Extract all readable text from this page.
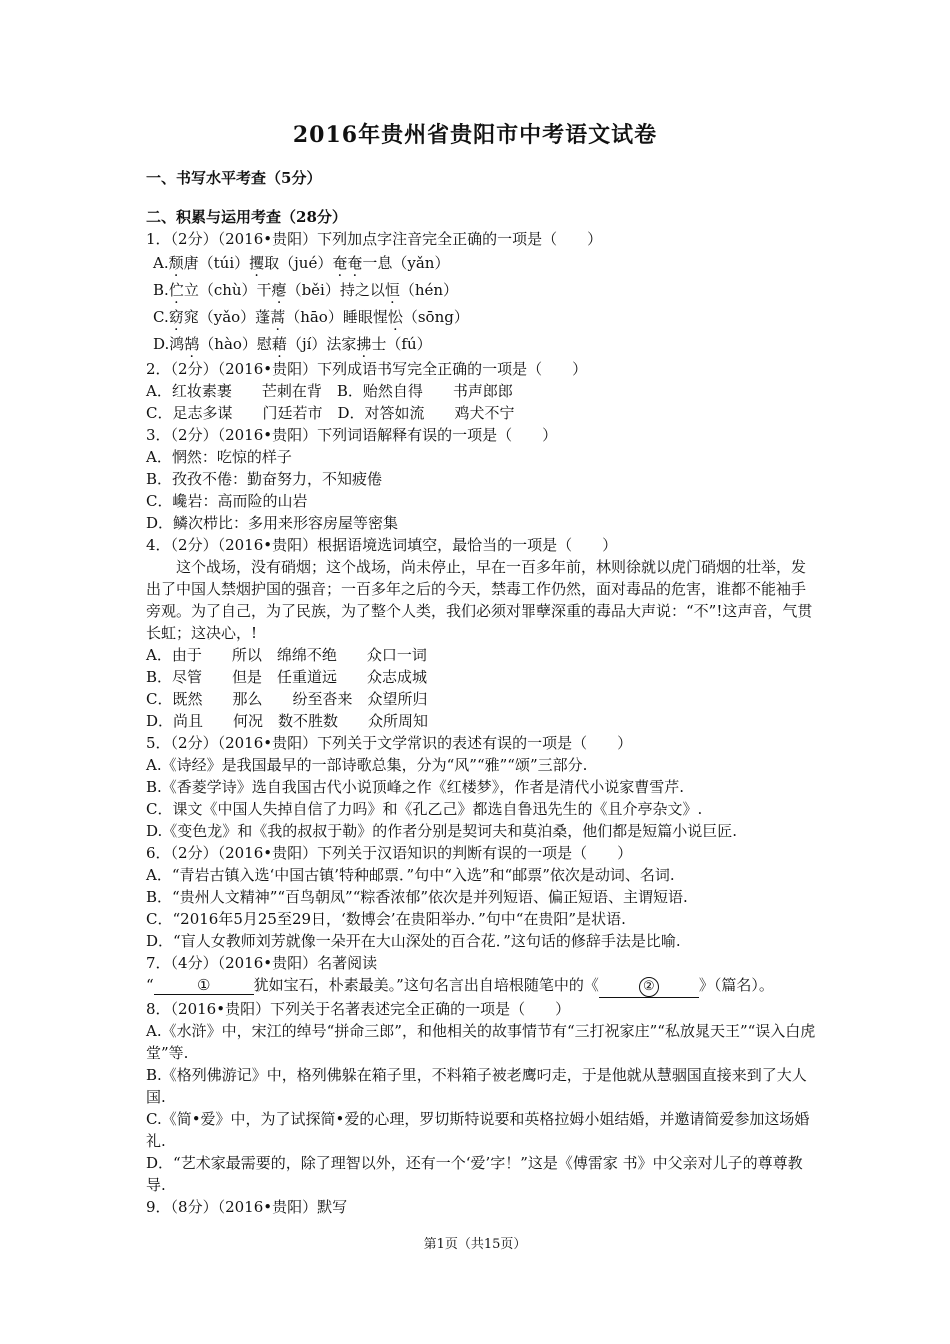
2016年贵州省贵阳市中考语文试卷
一、书写水平考查（5分）
二、积累与运用考查（28分）
1．（2分）（2016•贵阳）下列加点字注音完全正确的一项是（　　）
A.颓唐（túi）攫取（jué）奄奄一息（yǎn）
B.伫立（chù）干瘪（běi）持之以恒（hén）
C.窈窕（yǎo）蓬蒿（hāo）睡眼惺忪（sōng）
D.鸿鹄（hào）慰藉（jí）法家拂士（fú）
2．（2分）（2016•贵阳）下列成语书写完全正确的一项是（　　）
A．红妆素裹　　芒刺在背　B．贻然自得　　书声郎郎
C．足志多谋　　门廷若市　D．对答如流　　鸡犬不宁
3．（2分）（2016•贵阳）下列词语解释有误的一项是（　　）
A．惘然：吃惊的样子
B．孜孜不倦：勤奋努力，不知疲倦
C．巉岩：高而险的山岩
D．鳞次栉比：多用来形容房屋等密集
4．（2分）（2016•贵阳）根据语境选词填空，最恰当的一项是（　　）
这个战场，没有硝烟；这个战场，尚未停止，早在一百多年前，林则徐就以虎门硝烟的壮举，发出了中国人禁烟护国的强音；一百多年之后的今天，禁毒工作仍然，面对毒品的危害，谁都不能袖手旁观。为了自己，为了民族，为了整个人类，我们必须对罪孽深重的毒品大声说：“不”!这声音，气贯长虹；这决心，!
A．由于　　所以　绵绵不绝　　众口一词
B．尽管　　但是　任重道远　　众志成城
C．既然　　那么　　纷至沓来　众望所归
D．尚且　　何况　数不胜数　　众所周知
5．（2分）（2016•贵阳）下列关于文学常识的表述有误的一项是（　　）
A.《诗经》是我国最早的一部诗歌总集，分为“风”“雅”“颂”三部分.
B.《香菱学诗》选自我国古代小说顶峰之作《红楼梦》，作者是清代小说家曹雪芹.
C．课文《中国人失掉自信了力吗》和《孔乙己》都选自鲁迅先生的《且介亭杂文》.
D.《变色龙》和《我的叔叔于勒》的作者分别是契诃夫和莫泊桑，他们都是短篇小说巨匠.
6．（2分）（2016•贵阳）下列关于汉语知识的判断有误的一项是（　　）
A．“青岩古镇入选‘中国古镇’特种邮票．”句中“入选”和“邮票”依次是动词、名词.
B．“贵州人文精神”“百鸟朝凤”“粽香浓郁”依次是并列短语、偏正短语、主谓短语.
C．“2016年5月25至29日，‘数博会’在贵阳举办．”句中“在贵阳”是状语.
D．“盲人女教师刘芳就像一朵开在大山深处的百合花．”这句话的修辞手法是比喻.
7．（4分）（2016•贵阳）名著阅读
“	①	犹如宝石，朴素最美。”这句名言出自培根随笔中的《	②	》（篇名）。
8．（2016•贵阳）下列关于名著表述完全正确的一项是（　　）
A.《水浒》中，宋江的绰号“拼命三郎”，和他相关的故事情节有“三打祝家庄”“私放晁天王”“误入白虎堂”等.
B.《格列佛游记》中，格列佛躲在箱子里，不料箱子被老鹰叼走，于是他就从慧骃国直接来到了大人国.
C.《简•爱》中，为了试探简•爱的心理，罗切斯特说要和英格拉姆小姐结婚，并邀请简爱参加这场婚礼.
D．“艺术家最需要的，除了理智以外，还有一个‘爱’字！”这是《傅雷家 书》中父亲对儿子的尊尊教导.
9．（8分）（2016•贵阳）默写
第1页（共15页）
